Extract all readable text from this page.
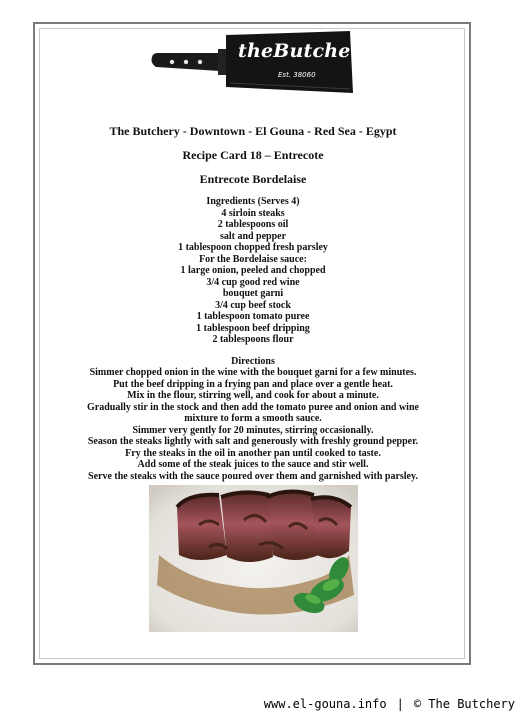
theButchery
Est. 38060

The Butchery - Downtown - El Gouna - Red Sea - Egypt

Recipe Card 18 – Entrecote

Entrecote Bordelaise

Ingredients (Serves 4)
4 sirloin steaks
2 tablespoons oil
salt and pepper
1 tablespoon chopped fresh parsley
For the Bordelaise sauce:
1 large onion, peeled and chopped
3/4 cup good red wine
bouquet garni
3/4 cup beef stock
1 tablespoon tomato puree
1 tablespoon beef dripping
2 tablespoons flour
Directions
Simmer chopped onion in the wine with the bouquet garni for a few minutes.
Put the beef dripping in a frying pan and place over a gentle heat.
Mix in the flour, stirring well, and cook for about a minute.
Gradually stir in the stock and then add the tomato puree and onion and wine
mixture to form a smooth sauce.
Simmer very gently for 20 minutes, stirring occasionally.
Season the steaks lightly with salt and generously with freshly ground pepper.
Fry the steaks in the oil in another pan until cooked to taste.
Add some of the steak juices to the sauce and stir well.
Serve the steaks with the sauce poured over them and garnished with parsley.
www.el-gouna.info | © The Butchery
